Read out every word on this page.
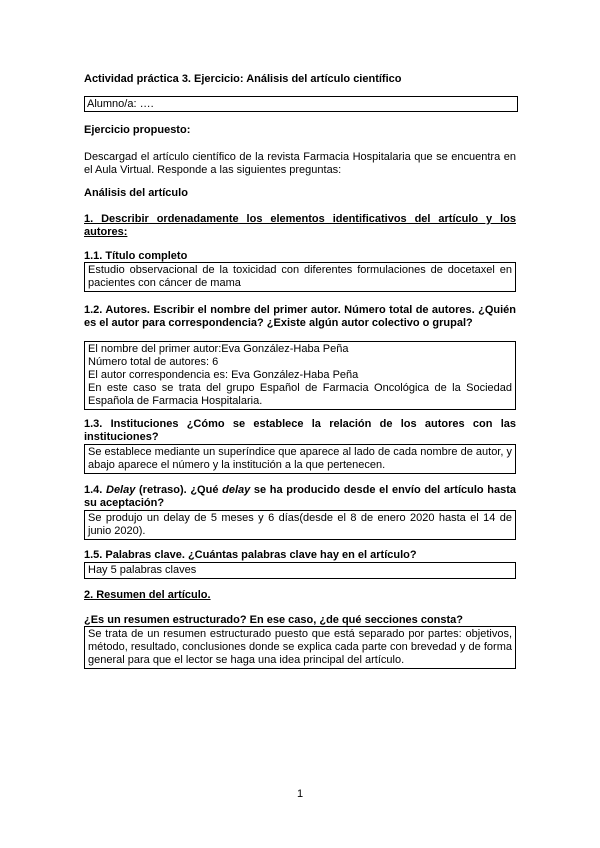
Actividad práctica 3. Ejercicio: Análisis del artículo científico
Alumno/a: ….
Ejercicio propuesto:
Descargad el artículo científico de la revista Farmacia Hospitalaria que se encuentra en el Aula Virtual. Responde a las siguientes preguntas:
Análisis del artículo
1. Describir ordenadamente los elementos identificativos del artículo y los autores:
1.1. Título completo
Estudio observacional de la toxicidad con diferentes formulaciones de docetaxel en pacientes con cáncer de mama
1.2. Autores. Escribir el nombre del primer autor. Número total de autores. ¿Quién es el autor para correspondencia? ¿Existe algún autor colectivo o grupal?
El nombre del primer autor:Eva González-Haba Peña
Número total de autores: 6
El autor correspondencia es: Eva González-Haba Peña
En este caso se trata del grupo Español de Farmacia Oncológica de la Sociedad Española de Farmacia Hospitalaria.
1.3. Instituciones ¿Cómo se establece la relación de los autores con las instituciones?
Se establece mediante un superíndice que aparece al lado de cada nombre de autor, y abajo aparece el número y la institución a la que pertenecen.
1.4. Delay (retraso). ¿Qué delay se ha producido desde el envío del artículo hasta su aceptación?
Se produjo un delay de 5 meses y 6 días(desde el 8 de enero 2020 hasta el 14 de junio 2020).
1.5. Palabras clave. ¿Cuántas palabras clave hay en el artículo?
Hay 5 palabras claves
2. Resumen del artículo.
¿Es un resumen estructurado? En ese caso, ¿de qué secciones consta?
Se trata de un resumen estructurado puesto que está separado por partes: objetivos, método, resultado, conclusiones donde se explica cada parte con brevedad y de forma general para que el lector se haga una idea principal del artículo.
1
